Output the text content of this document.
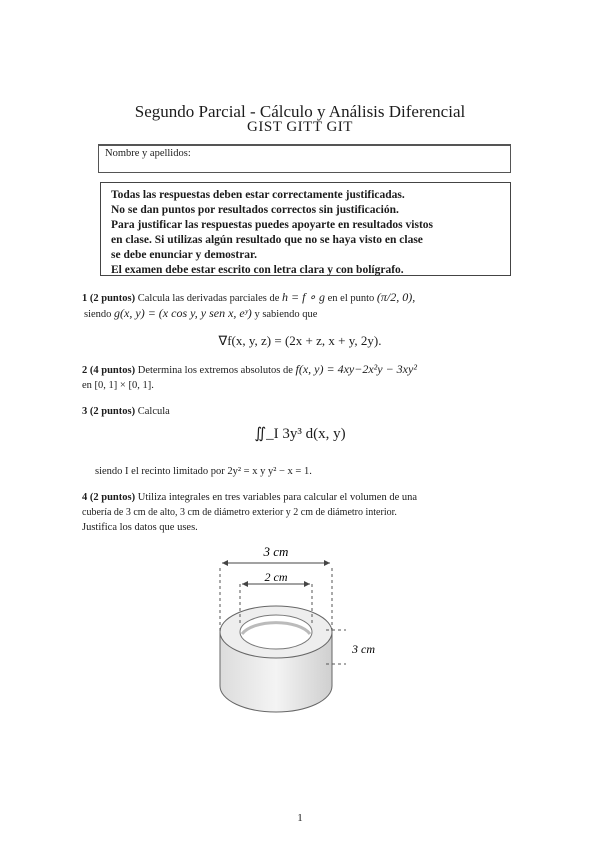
Segundo Parcial - Cálculo y Análisis Diferencial
GIST GITT GIT
Nombre y apellidos:
Todas las respuestas deben estar correctamente justificadas.
No se dan puntos por resultados correctos sin justificación.
Para justificar las respuestas puedes apoyarte en resultados vistos
en clase. Si utilizas algún resultado que no se haya visto en clase
se debe enunciar y demostrar.
El examen debe estar escrito con letra clara y con bolígrafo.
1 (2 puntos) Calcula las derivadas parciales de h = f ∘ g en el punto (π/2, 0),
siendo g(x, y) = (x cos y, y sen x, eʸ) y sabiendo que
∇f(x, y, z) = (2x + z, x + y, 2y).
2 (4 puntos) Determina los extremos absolutos de f(x, y) = 4xy−2x²y − 3xy²
en [0, 1] × [0, 1].
3 (2 puntos) Calcula
∬_I 3y³ d(x, y)
siendo I el recinto limitado por 2y² = x y y² − x = 1.
4 (2 puntos) Utiliza integrales en tres variables para calcular el volumen de una
cubería de 3 cm de alto, 3 cm de diámetro exterior y 2 cm de diámetro interior.
Justifica los datos que uses.
3 cm
2 cm
3 cm
1
